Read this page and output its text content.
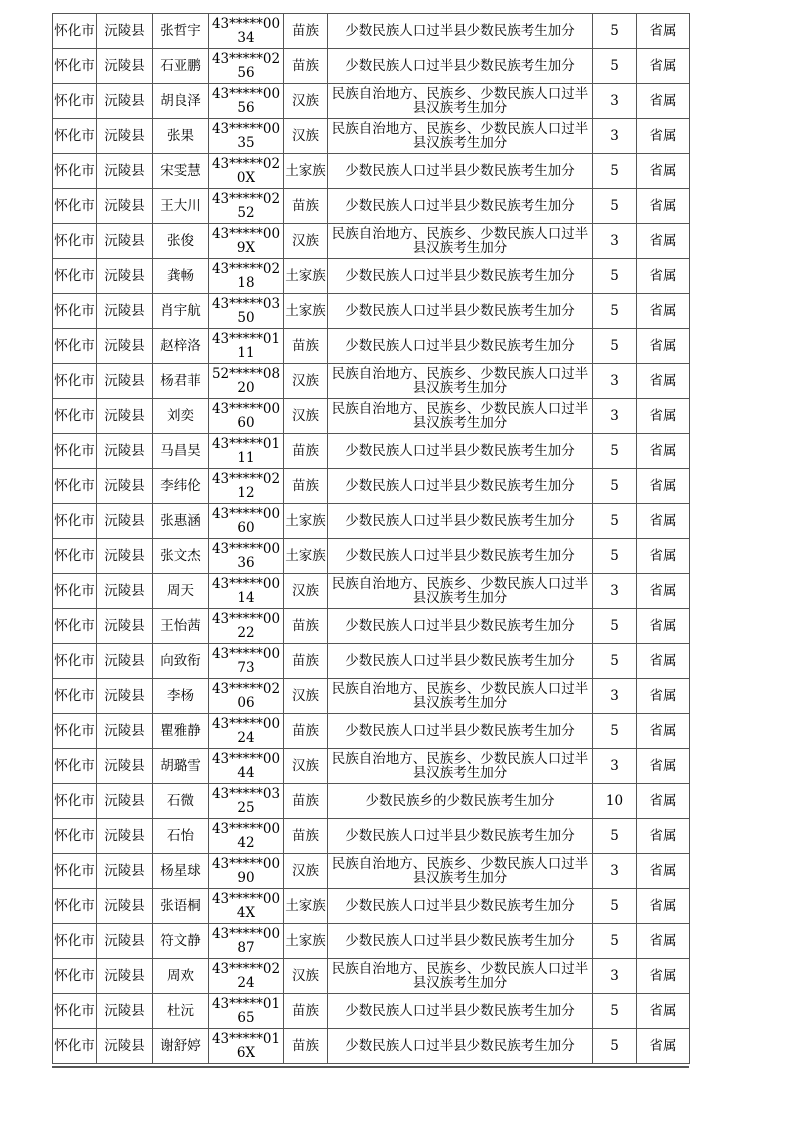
怀化市	沅陵县	张哲宇	43*****0034	苗族	少数民族人口过半县少数民族考生加分	5	省属
怀化市	沅陵县	石亚鹏	43*****0256	苗族	少数民族人口过半县少数民族考生加分	5	省属
怀化市	沅陵县	胡良泽	43*****0056	汉族	民族自治地方、民族乡、少数民族人口过半县汉族考生加分	3	省属
怀化市	沅陵县	张果	43*****0035	汉族	民族自治地方、民族乡、少数民族人口过半县汉族考生加分	3	省属
怀化市	沅陵县	宋雯慧	43*****020X	土家族	少数民族人口过半县少数民族考生加分	5	省属
怀化市	沅陵县	王大川	43*****0252	苗族	少数民族人口过半县少数民族考生加分	5	省属
怀化市	沅陵县	张俊	43*****009X	汉族	民族自治地方、民族乡、少数民族人口过半县汉族考生加分	3	省属
怀化市	沅陵县	龚畅	43*****0218	土家族	少数民族人口过半县少数民族考生加分	5	省属
怀化市	沅陵县	肖宇航	43*****0350	土家族	少数民族人口过半县少数民族考生加分	5	省属
怀化市	沅陵县	赵梓洛	43*****0111	苗族	少数民族人口过半县少数民族考生加分	5	省属
怀化市	沅陵县	杨君菲	52*****0820	汉族	民族自治地方、民族乡、少数民族人口过半县汉族考生加分	3	省属
怀化市	沅陵县	刘奕	43*****0060	汉族	民族自治地方、民族乡、少数民族人口过半县汉族考生加分	3	省属
怀化市	沅陵县	马昌昊	43*****0111	苗族	少数民族人口过半县少数民族考生加分	5	省属
怀化市	沅陵县	李纬伦	43*****0212	苗族	少数民族人口过半县少数民族考生加分	5	省属
怀化市	沅陵县	张惠涵	43*****0060	土家族	少数民族人口过半县少数民族考生加分	5	省属
怀化市	沅陵县	张文杰	43*****0036	土家族	少数民族人口过半县少数民族考生加分	5	省属
怀化市	沅陵县	周天	43*****0014	汉族	民族自治地方、民族乡、少数民族人口过半县汉族考生加分	3	省属
怀化市	沅陵县	王怡茜	43*****0022	苗族	少数民族人口过半县少数民族考生加分	5	省属
怀化市	沅陵县	向致衔	43*****0073	苗族	少数民族人口过半县少数民族考生加分	5	省属
怀化市	沅陵县	李杨	43*****0206	汉族	民族自治地方、民族乡、少数民族人口过半县汉族考生加分	3	省属
怀化市	沅陵县	瞿雅静	43*****0024	苗族	少数民族人口过半县少数民族考生加分	5	省属
怀化市	沅陵县	胡璐雪	43*****0044	汉族	民族自治地方、民族乡、少数民族人口过半县汉族考生加分	3	省属
怀化市	沅陵县	石微	43*****0325	苗族	少数民族乡的少数民族考生加分	10	省属
怀化市	沅陵县	石怡	43*****0042	苗族	少数民族人口过半县少数民族考生加分	5	省属
怀化市	沅陵县	杨星球	43*****0090	汉族	民族自治地方、民族乡、少数民族人口过半县汉族考生加分	3	省属
怀化市	沅陵县	张语桐	43*****004X	土家族	少数民族人口过半县少数民族考生加分	5	省属
怀化市	沅陵县	符文静	43*****0087	土家族	少数民族人口过半县少数民族考生加分	5	省属
怀化市	沅陵县	周欢	43*****0224	汉族	民族自治地方、民族乡、少数民族人口过半县汉族考生加分	3	省属
怀化市	沅陵县	杜沅	43*****0165	苗族	少数民族人口过半县少数民族考生加分	5	省属
怀化市	沅陵县	谢舒婷	43*****016X	苗族	少数民族人口过半县少数民族考生加分	5	省属
